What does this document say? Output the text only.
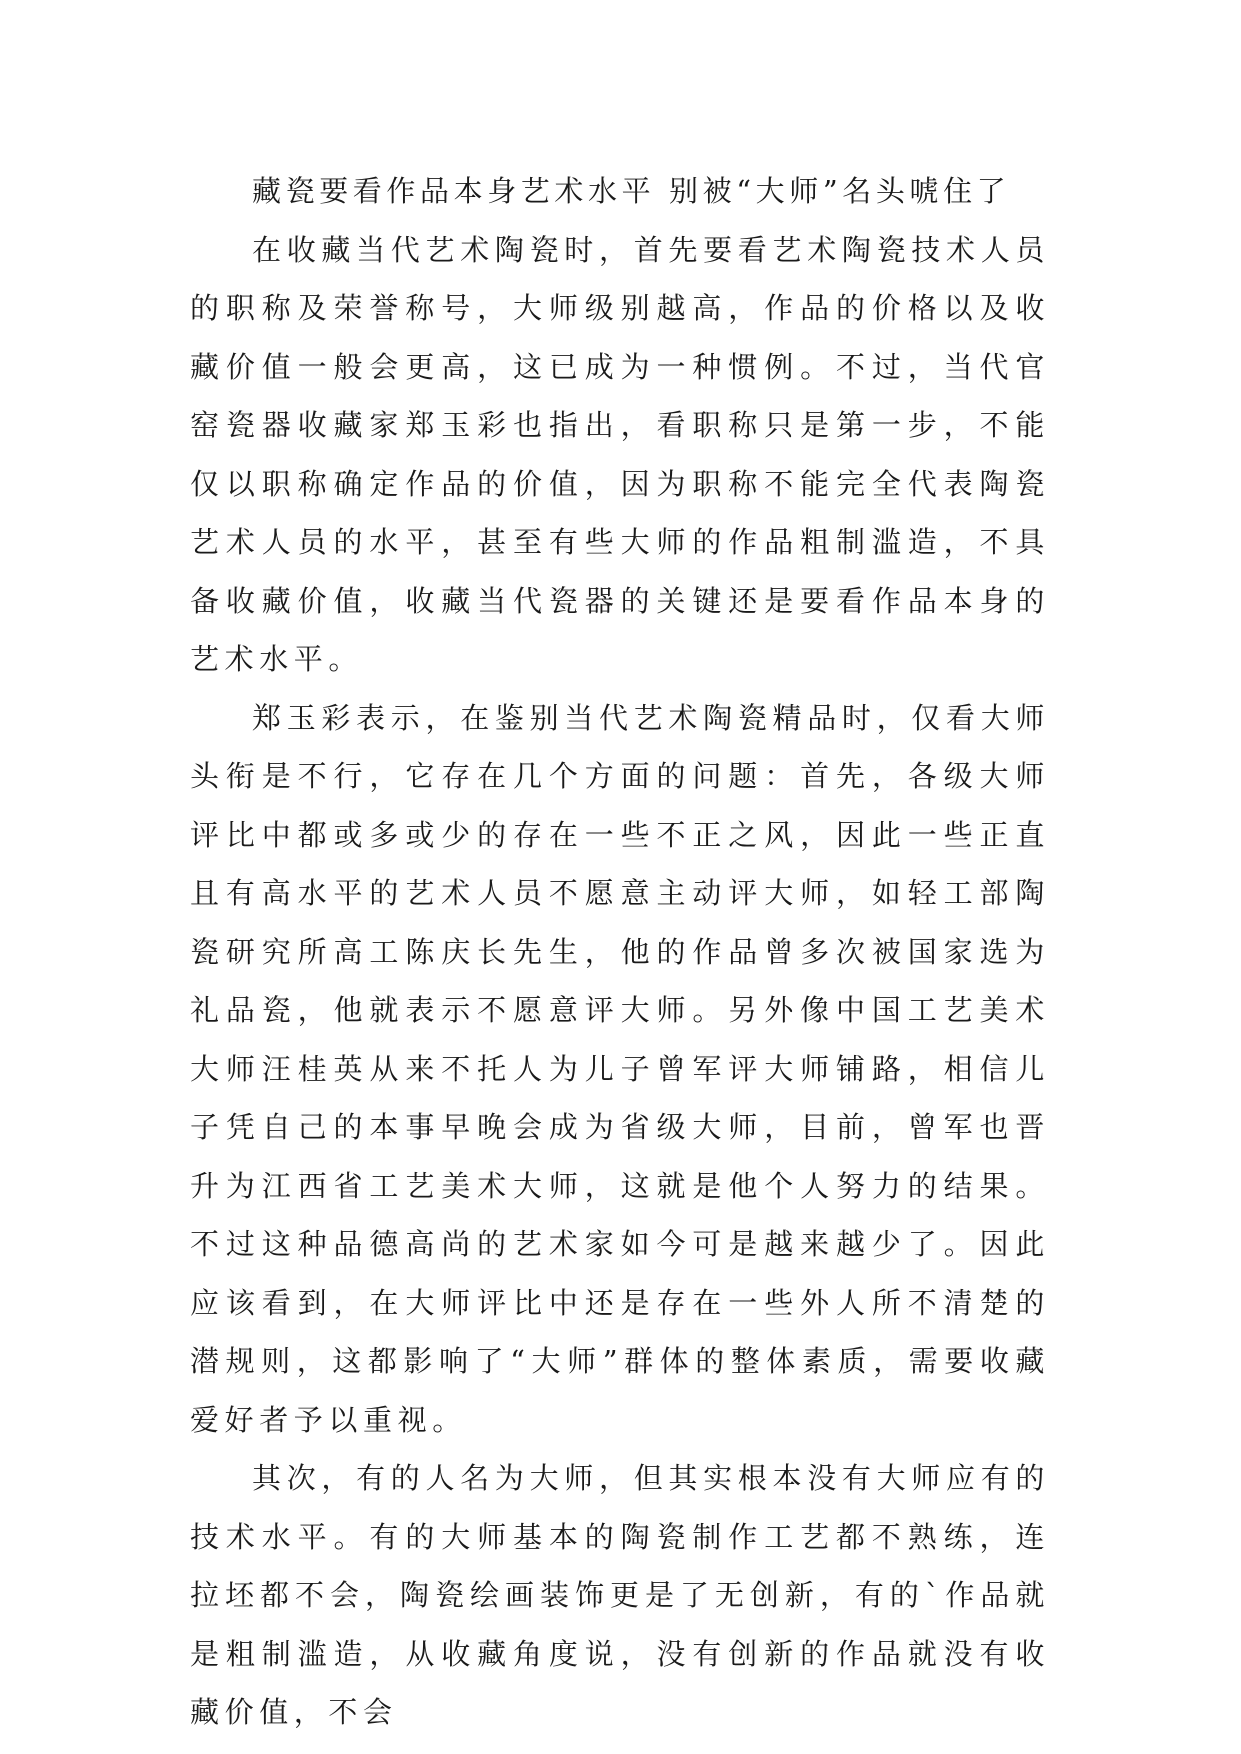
藏瓷要看作品本身艺术水平 别被“大师”名头唬住了

在收藏当代艺术陶瓷时，首先要看艺术陶瓷技术人员的职称及荣誉称号，大师级别越高，作品的价格以及收藏价值一般会更高，这已成为一种惯例。不过，当代官窑瓷器收藏家郑玉彩也指出，看职称只是第一步，不能仅以职称确定作品的价值，因为职称不能完全代表陶瓷艺术人员的水平，甚至有些大师的作品粗制滥造，不具备收藏价值，收藏当代瓷器的关键还是要看作品本身的艺术水平。

郑玉彩表示，在鉴别当代艺术陶瓷精品时，仅看大师头衔是不行，它存在几个方面的问题：首先，各级大师评比中都或多或少的存在一些不正之风，因此一些正直且有高水平的艺术人员不愿意主动评大师，如轻工部陶瓷研究所高工陈庆长先生，他的作品曾多次被国家选为礼品瓷，他就表示不愿意评大师。另外像中国工艺美术大师汪桂英从来不托人为儿子曾军评大师铺路，相信儿子凭自己的本事早晚会成为省级大师，目前，曾军也晋升为江西省工艺美术大师，这就是他个人努力的结果。不过这种品德高尚的艺术家如今可是越来越少了。因此应该看到，在大师评比中还是存在一些外人所不清楚的潜规则，这都影响了“大师”群体的整体素质，需要收藏爱好者予以重视。

其次，有的人名为大师，但其实根本没有大师应有的技术水平。有的大师基本的陶瓷制作工艺都不熟练，连拉坯都不会，陶瓷绘画装饰更是了无创新，有的`作品就是粗制滥造，从收藏角度说，没有创新的作品就没有收藏价值，不会
